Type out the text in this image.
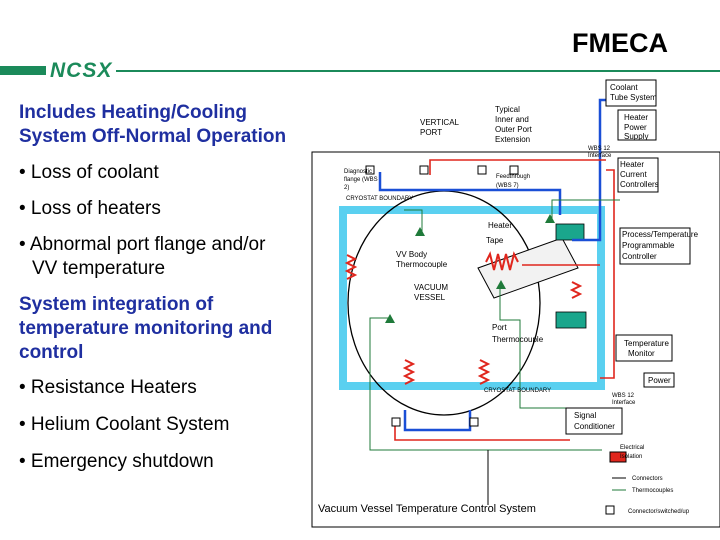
FMECA
NCSX
Includes Heating/Cooling
System Off-Normal Operation
• Loss of coolant
• Loss of heaters
• Abnormal port flange and/or
VV temperature
System integration of
temperature monitoring and
control
• Resistance Heaters
• Helium Coolant System
• Emergency shutdown
VERTICAL
PORT
Typical
Inner and
Outer Port
Extension
Coolant
Tube System
Heater
Power
Supply
WBS 12
Interface
Heater
Current
Controllers
Diagnostic
flange (WBS
2)
Feedthrough
(WBS 7)
CRYOSTAT BOUNDARY
Heater
Tape
VV Body
Thermocouple
Process/Temperature
Programmable
Controller
VACUUM
VESSEL
Port
Thermocouple	Temperature
Monitor
Power
CRYOSTAT BOUNDARY
WBS 12
Interface
Signal
Conditioner
Electrical
Isolation
Connectors
Thermocouples
Connector/switched/up
Vacuum Vessel Temperature Control System
